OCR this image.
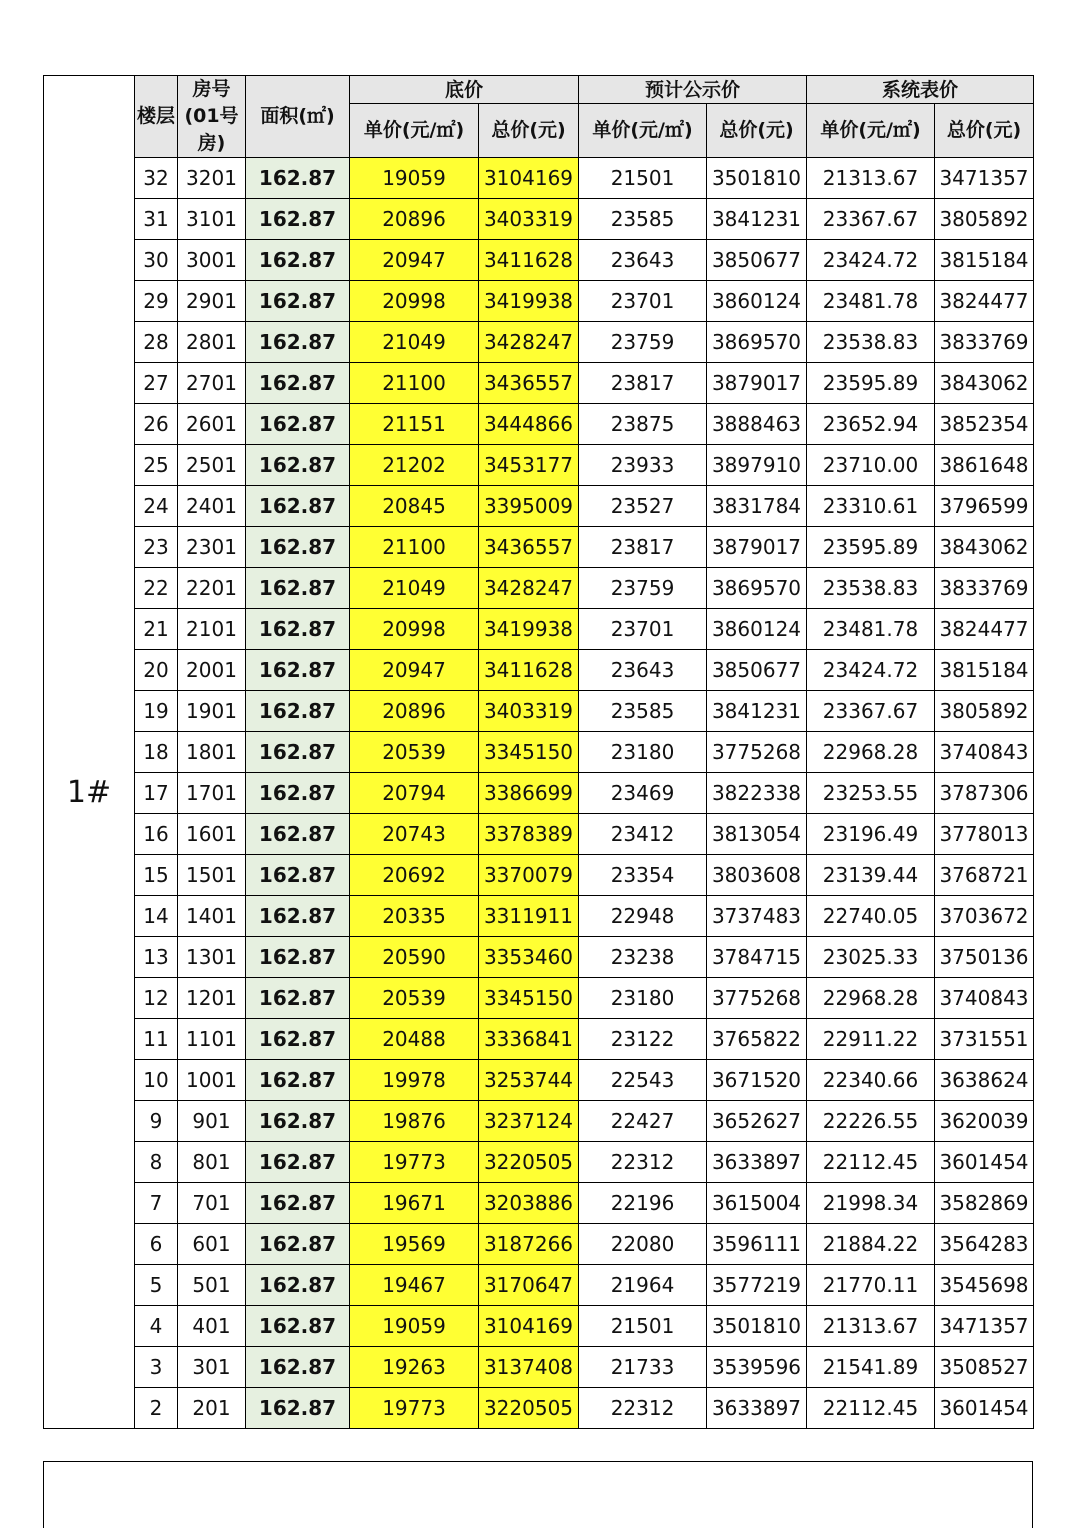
	楼层	房号(01号房)	面积(㎡)	底价		预计公示价		系统表价	
				单价(元/㎡)	总价(元)	单价(元/㎡)	总价(元)	单价(元/㎡)	总价(元)
1#	32	3201	162.87	19059	3104169	21501	3501810	21313.67	3471357
	31	3101	162.87	20896	3403319	23585	3841231	23367.67	3805892
	30	3001	162.87	20947	3411628	23643	3850677	23424.72	3815184
	29	2901	162.87	20998	3419938	23701	3860124	23481.78	3824477
	28	2801	162.87	21049	3428247	23759	3869570	23538.83	3833769
	27	2701	162.87	21100	3436557	23817	3879017	23595.89	3843062
	26	2601	162.87	21151	3444866	23875	3888463	23652.94	3852354
	25	2501	162.87	21202	3453177	23933	3897910	23710.00	3861648
	24	2401	162.87	20845	3395009	23527	3831784	23310.61	3796599
	23	2301	162.87	21100	3436557	23817	3879017	23595.89	3843062
	22	2201	162.87	21049	3428247	23759	3869570	23538.83	3833769
	21	2101	162.87	20998	3419938	23701	3860124	23481.78	3824477
	20	2001	162.87	20947	3411628	23643	3850677	23424.72	3815184
	19	1901	162.87	20896	3403319	23585	3841231	23367.67	3805892
	18	1801	162.87	20539	3345150	23180	3775268	22968.28	3740843
	17	1701	162.87	20794	3386699	23469	3822338	23253.55	3787306
	16	1601	162.87	20743	3378389	23412	3813054	23196.49	3778013
	15	1501	162.87	20692	3370079	23354	3803608	23139.44	3768721
	14	1401	162.87	20335	3311911	22948	3737483	22740.05	3703672
	13	1301	162.87	20590	3353460	23238	3784715	23025.33	3750136
	12	1201	162.87	20539	3345150	23180	3775268	22968.28	3740843
	11	1101	162.87	20488	3336841	23122	3765822	22911.22	3731551
	10	1001	162.87	19978	3253744	22543	3671520	22340.66	3638624
	9	901	162.87	19876	3237124	22427	3652627	22226.55	3620039
	8	801	162.87	19773	3220505	22312	3633897	22112.45	3601454
	7	701	162.87	19671	3203886	22196	3615004	21998.34	3582869
	6	601	162.87	19569	3187266	22080	3596111	21884.22	3564283
	5	501	162.87	19467	3170647	21964	3577219	21770.11	3545698
	4	401	162.87	19059	3104169	21501	3501810	21313.67	3471357
	3	301	162.87	19263	3137408	21733	3539596	21541.89	3508527
	2	201	162.87	19773	3220505	22312	3633897	22112.45	3601454
